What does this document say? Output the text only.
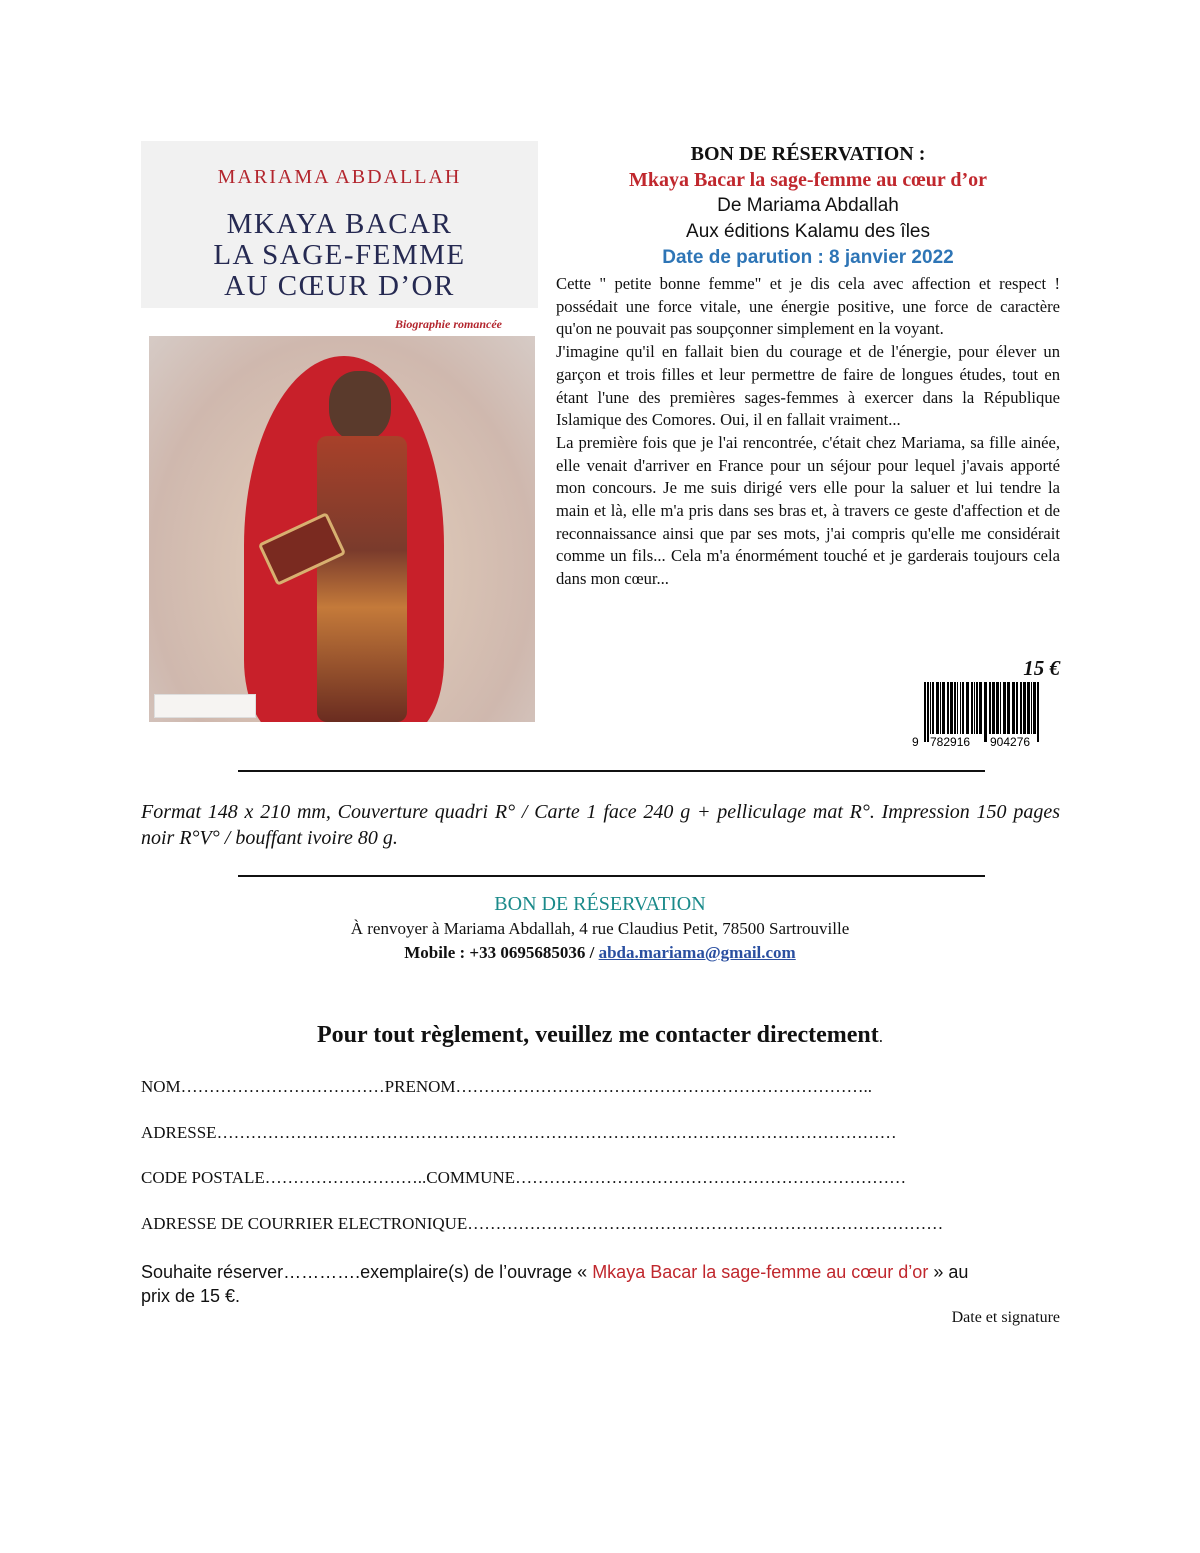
MARIAMA ABDALLAH
MKAYA BACAR
LA SAGE-FEMME
AU CŒUR D’OR
Biographie romancée
BON DE RÉSERVATION :
Mkaya Bacar la sage-femme au cœur d’or
De Mariama Abdallah
Aux éditions Kalamu des îles
Date de parution : 8 janvier 2022

Cette " petite bonne femme" et je dis cela avec affection et respect ! possédait une force vitale, une énergie positive, une force de caractère qu'on ne pouvait pas soupçonner simplement en la voyant.

J'imagine qu'il en fallait bien du courage et de l'énergie, pour élever un garçon et trois filles et leur permettre de faire de longues études, tout en étant l'une des premières sages-femmes à exercer dans la République Islamique des Comores. Oui, il en fallait vraiment...

La première fois que je l'ai rencontrée, c'était chez Mariama, sa fille ainée, elle venait d'arriver en France pour un séjour pour lequel j'avais apporté mon concours. Je me suis dirigé vers elle pour la saluer et lui tendre la main et là, elle m'a pris dans ses bras et, à travers ce geste d'affection et de reconnaissance ainsi que par ses mots, j'ai compris qu'elle me considérait comme un fils... Cela m'a énormément touché et je garderais toujours cela dans mon cœur...

15 €
9 782916 904276
Format 148 x 210 mm, Couverture quadri R° / Carte 1 face 240 g + pelliculage mat R°. Impression 150 pages noir R°V° / bouffant ivoire 80 g.
BON DE RÉSERVATION
À renvoyer à Mariama Abdallah, 4 rue Claudius Petit, 78500 Sartrouville
Mobile : +33 0695685036 / abda.mariama@gmail.com
Pour tout règlement, veuillez me contacter directement.
NOM………………………………PRENOM………………………………………………………………..
ADRESSE…………………………………………………………………………………………………………
CODE POSTALE………………………..COMMUNE……………………………………………………………
ADRESSE DE COURRIER ELECTRONIQUE…………………………………………………………………………
Souhaite réserver………….exemplaire(s) de l’ouvrage « Mkaya Bacar la sage-femme au cœur d’or » au
prix de 15 €.
Date et signature
